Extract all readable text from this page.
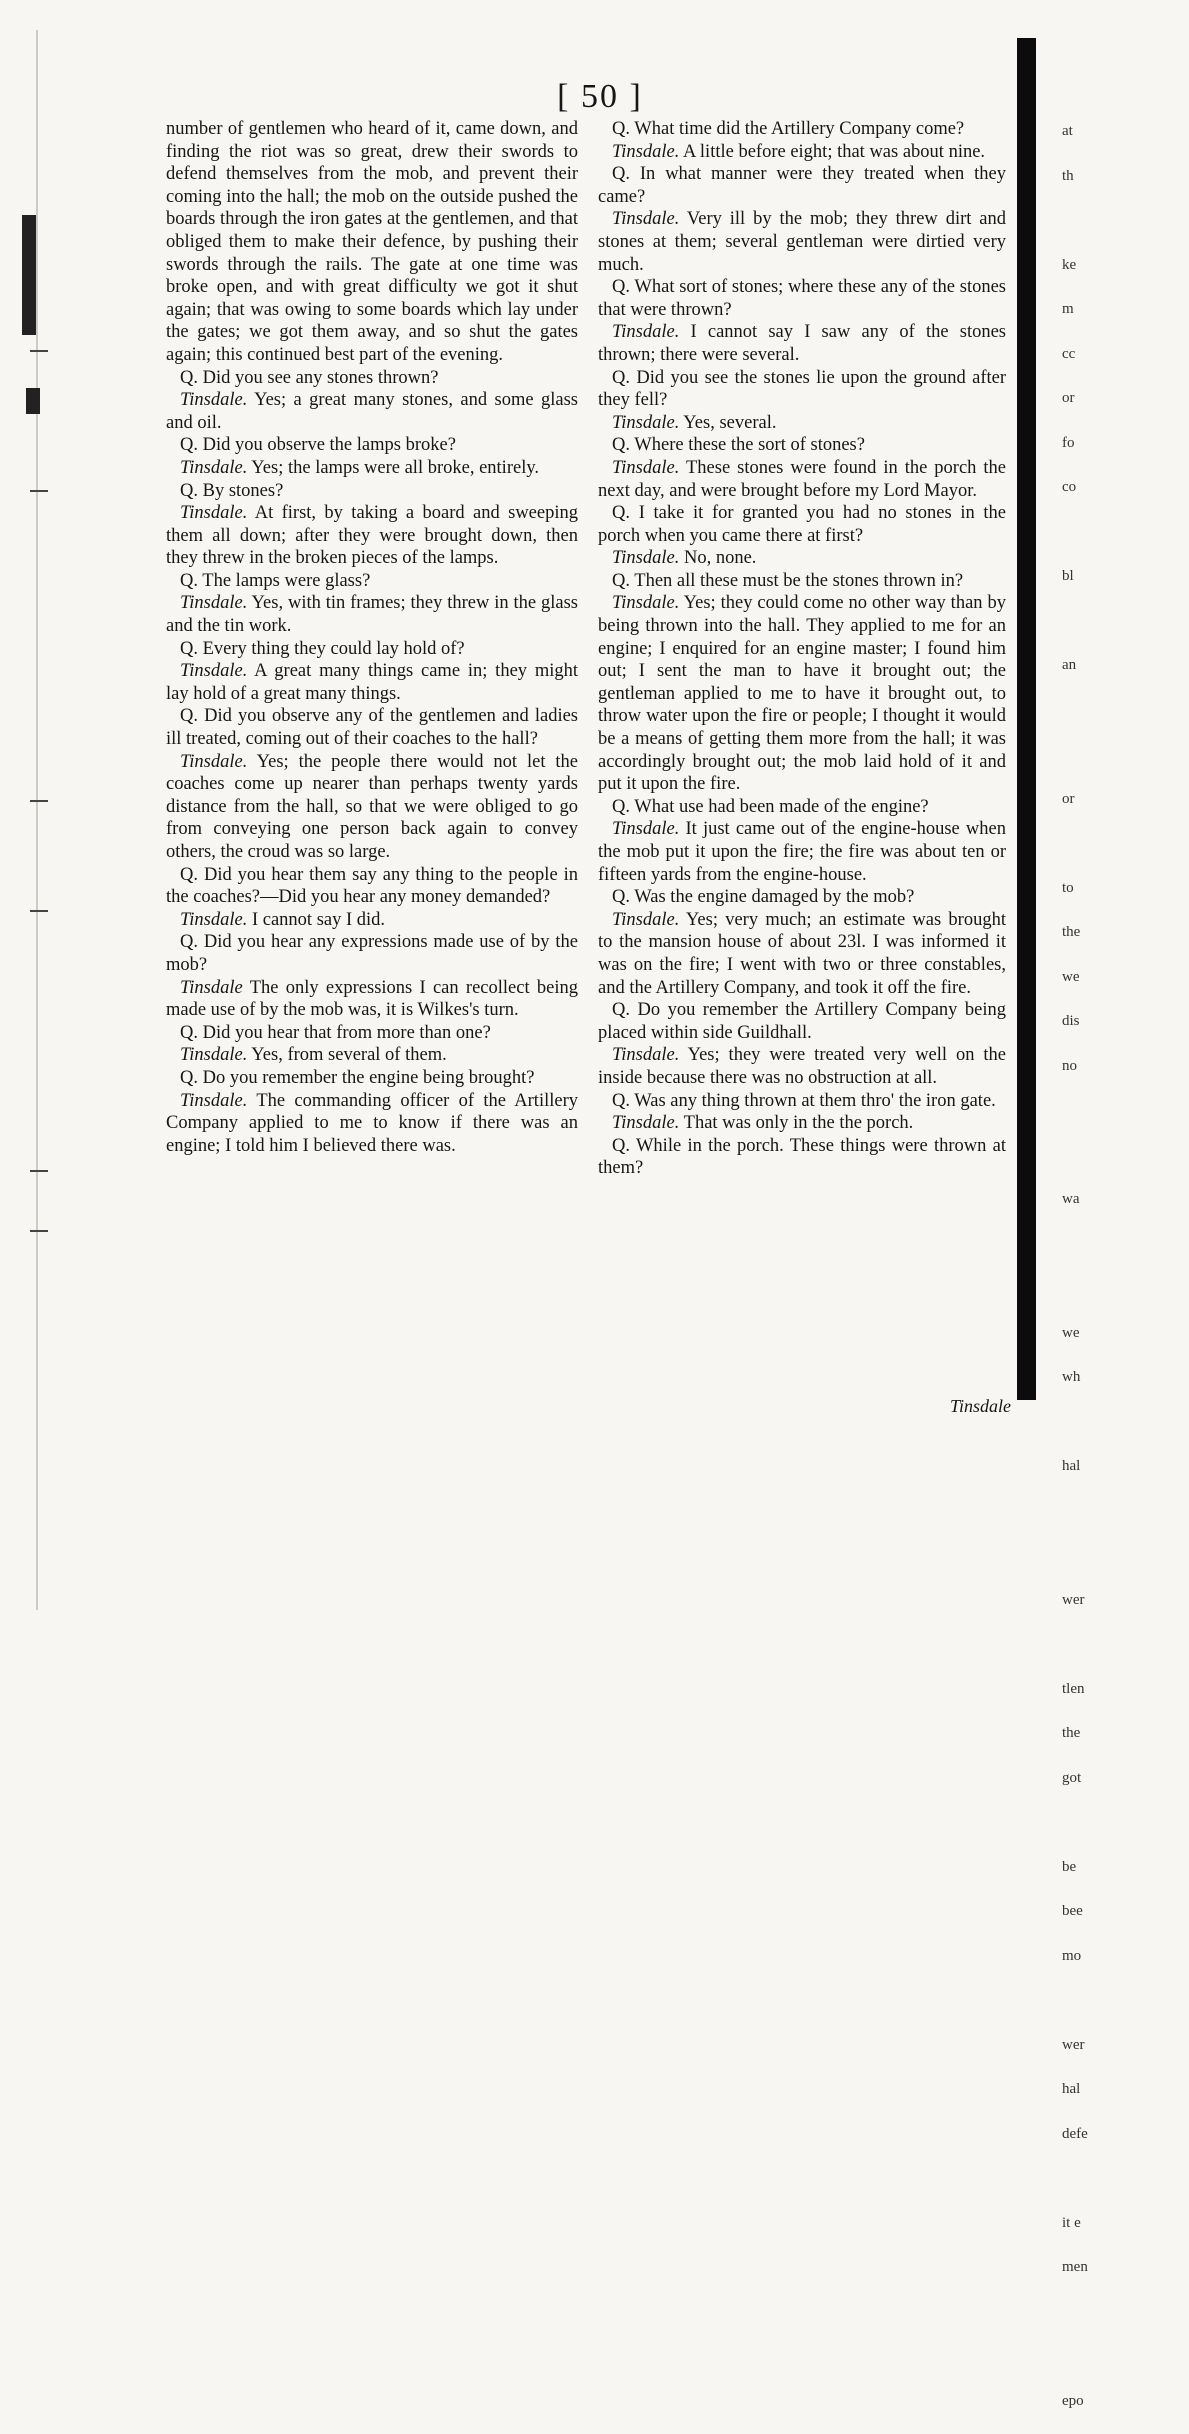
[ 50 ]

number of gentlemen who heard of it, came down, and finding the riot was so great, drew their swords to defend themselves from the mob, and prevent their coming into the hall; the mob on the outside pushed the boards through the iron gates at the gentlemen, and that obliged them to make their defence, by pushing their swords through the rails. The gate at one time was broke open, and with great difficulty we got it shut again; that was owing to some boards which lay under the gates; we got them away, and so shut the gates again; this continued best part of the evening.

Q. Did you see any stones thrown?

Tinsdale. Yes; a great many stones, and some glass and oil.

Q. Did you observe the lamps broke?

Tinsdale. Yes; the lamps were all broke, entirely.

Q. By stones?

Tinsdale. At first, by taking a board and sweeping them all down; after they were brought down, then they threw in the broken pieces of the lamps.

Q. The lamps were glass?

Tinsdale. Yes, with tin frames; they threw in the glass and the tin work.

Q. Every thing they could lay hold of?

Tinsdale. A great many things came in; they might lay hold of a great many things.

Q. Did you observe any of the gentlemen and ladies ill treated, coming out of their coaches to the hall?

Tinsdale. Yes; the people there would not let the coaches come up nearer than perhaps twenty yards distance from the hall, so that we were obliged to go from conveying one person back again to convey others, the croud was so large.

Q. Did you hear them say any thing to the people in the coaches?—Did you hear any money demanded?

Tinsdale. I cannot say I did.

Q. Did you hear any expressions made use of by the mob?

Tinsdale The only expressions I can recollect being made use of by the mob was, it is Wilkes's turn.

Q. Did you hear that from more than one?

Tinsdale. Yes, from several of them.

Q. Do you remember the engine being brought?

Tinsdale. The commanding officer of the Artillery Company applied to me to know if there was an engine; I told him I believed there was.

Q. What time did the Artillery Company come?

Tinsdale. A little before eight; that was about nine.

Q. In what manner were they treated when they came?

Tinsdale. Very ill by the mob; they threw dirt and stones at them; several gentleman were dirtied very much.

Q. What sort of stones; where these any of the stones that were thrown?

Tinsdale. I cannot say I saw any of the stones thrown; there were several.

Q. Did you see the stones lie upon the ground after they fell?

Tinsdale. Yes, several.

Q. Where these the sort of stones?

Tinsdale. These stones were found in the porch the next day, and were brought before my Lord Mayor.

Q. I take it for granted you had no stones in the porch when you came there at first?

Tinsdale. No, none.

Q. Then all these must be the stones thrown in?

Tinsdale. Yes; they could come no other way than by being thrown into the hall. They applied to me for an engine; I enquired for an engine master; I found him out; I sent the man to have it brought out; the gentleman applied to me to have it brought out, to throw water upon the fire or people; I thought it would be a means of getting them more from the hall; it was accordingly brought out; the mob laid hold of it and put it upon the fire.

Q. What use had been made of the engine?

Tinsdale. It just came out of the engine-house when the mob put it upon the fire; the fire was about ten or fifteen yards from the engine-house.

Q. Was the engine damaged by the mob?

Tinsdale. Yes; very much; an estimate was brought to the mansion house of about 23l. I was informed it was on the fire; I went with two or three constables, and the Artillery Company, and took it off the fire.

Q. Do you remember the Artillery Company being placed within side Guildhall.

Tinsdale. Yes; they were treated very well on the inside because there was no obstruction at all.

Q. Was any thing thrown at them thro' the iron gate.

Tinsdale. That was only in the the porch.

Q. While in the porch. These things were thrown at them?

Tinsdale
at
th
ke
m
cc
or
fo
co
bl
an
or
to
the
we
dis
no
wa
we
wh
hal
wer
tlen
the
got
be
bee
mo
wer
hal
defe
it e
men
epo
